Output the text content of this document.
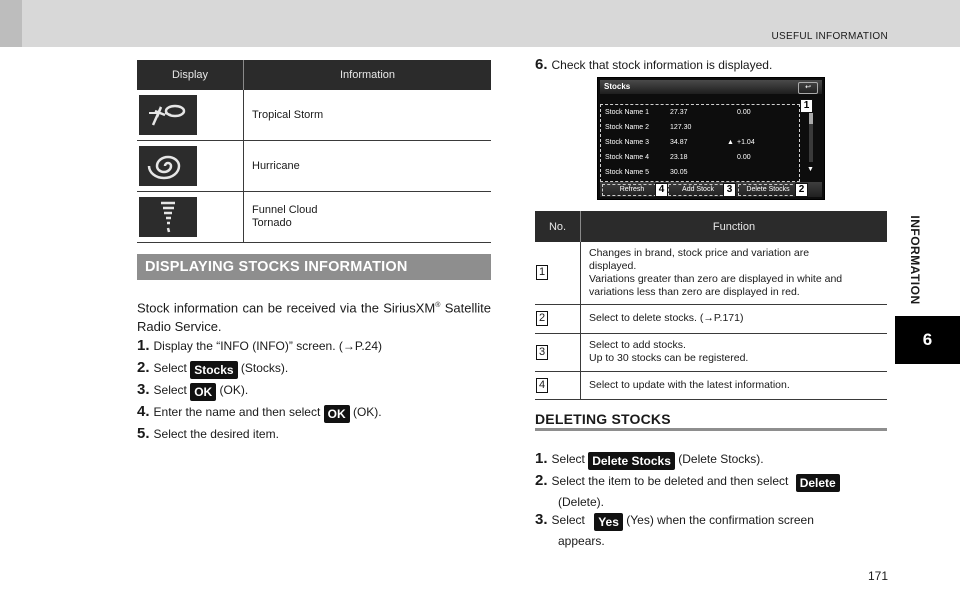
USEFUL INFORMATION
INFORMATION
6
Display	Information

Tropical Storm

Hurricane

Funnel Cloud
Tornado
DISPLAYING STOCKS INFORMATION
Stock information can be received via the SiriusXM® Satellite Radio Service.
1. Display the “INFO (INFO)” screen. (→P.24)
2. Select Stocks (Stocks).
3. Select OK (OK).
4. Enter the name and then select OK (OK).
5. Select the desired item.
6. Check that stock information is displayed.
Stocks	↩
Stock Name 1	27.37	0.00
Stock Name 2	127.30
Stock Name 3	34.87	▲ +1.04
Stock Name 4	23.18	0.00
Stock Name 5	30.05	▼
1
Refresh	Add Stock	Delete Stocks
4	3	2
No.	Function
1	Changes in brand, stock price and variation are
displayed.
Variations greater than zero are displayed in white and
variations less than zero are displayed in red.

2	Select to delete stocks. (→P.171)

3	Select to add stocks.
Up to 30 stocks can be registered.

4	Select to update with the latest information.
DELETING STOCKS
1. Select Delete Stocks (Delete Stocks).
2. Select the item to be deleted and then select Delete
(Delete).
3. Select Yes (Yes) when the confirmation screen
appears.
171
